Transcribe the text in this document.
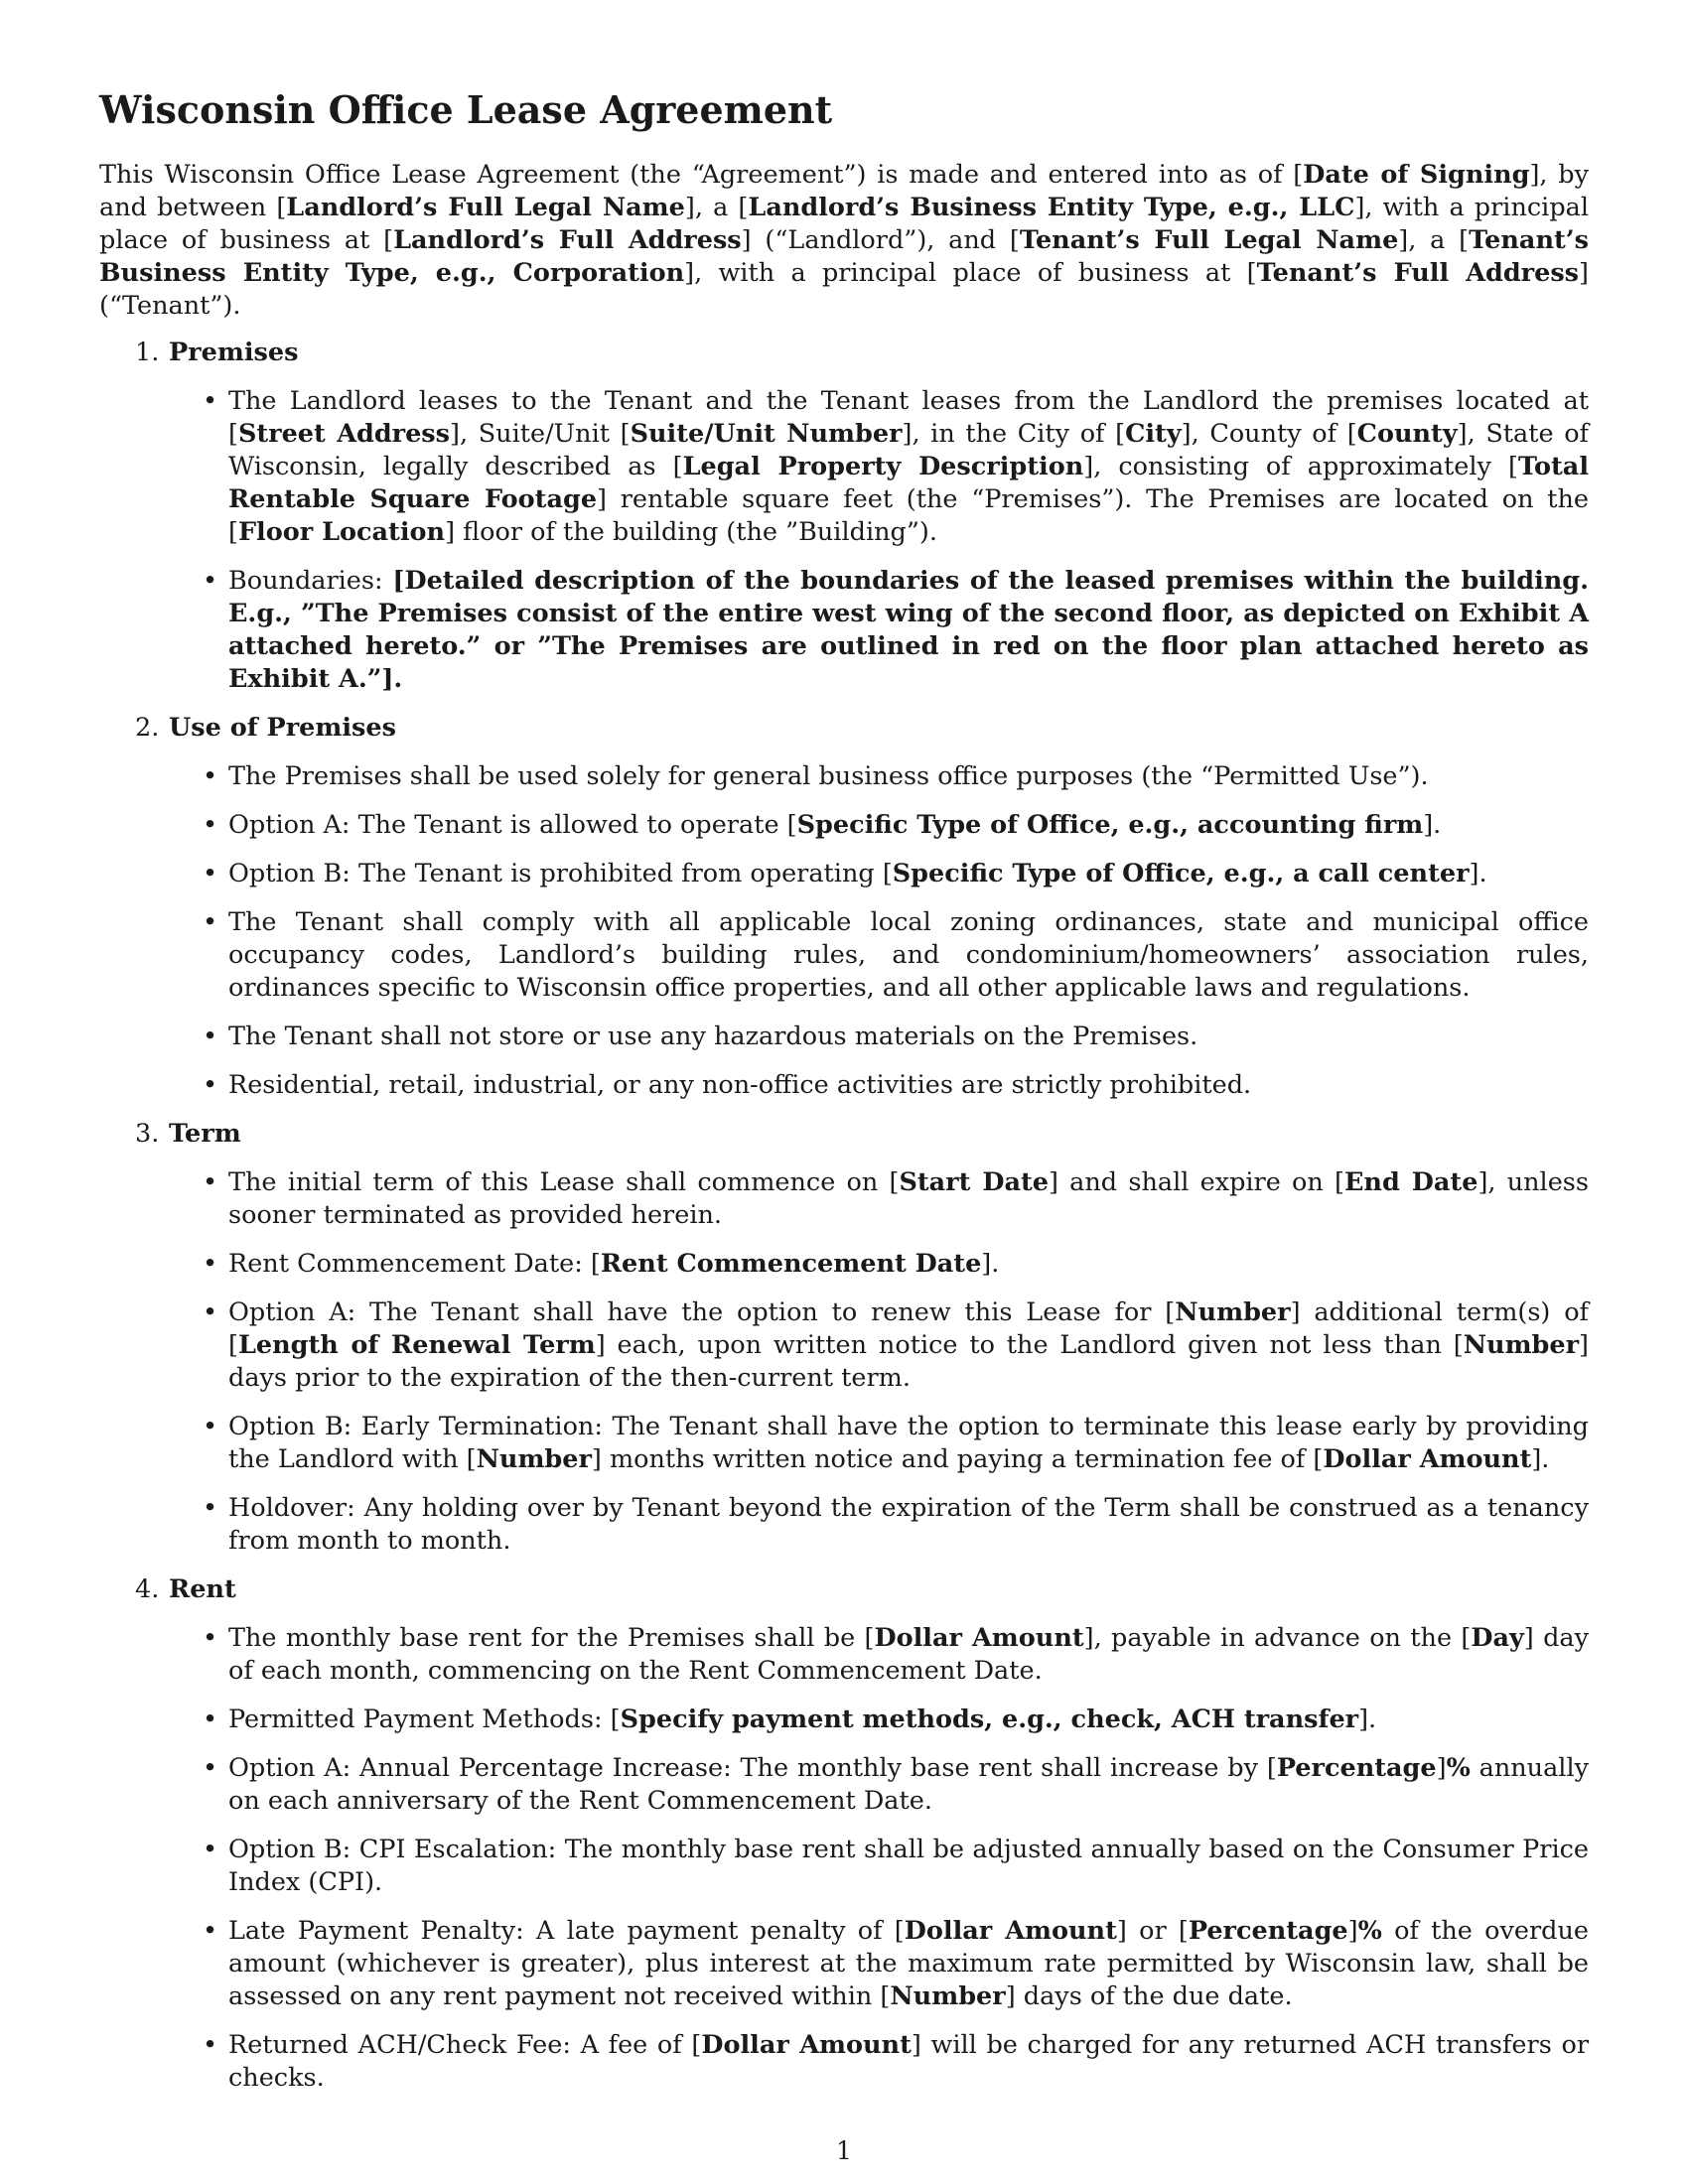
Wisconsin Office Lease Agreement

This Wisconsin Office Lease Agreement (the “Agreement”) is made and entered into as of [Date of Signing], by and between [Landlord’s Full Legal Name], a [Landlord’s Business Entity Type, e.g., LLC], with a principal place of business at [Landlord’s Full Address] (“Landlord”), and [Tenant’s Full Legal Name], a [Tenant’s Business Entity Type, e.g., Corporation], with a principal place of business at [Tenant’s Full Address] (“Tenant”).

1. Premises
• The Landlord leases to the Tenant and the Tenant leases from the Landlord the premises located at [Street Address], Suite/Unit [Suite/Unit Number], in the City of [City], County of [County], State of Wisconsin, legally described as [Legal Property Description], consisting of approximately [Total Rentable Square Footage] rentable square feet (the “Premises”). The Premises are located on the [Floor Location] floor of the building (the ”Building”).
• Boundaries: [Detailed description of the boundaries of the leased premises within the building. E.g., ”The Premises consist of the entire west wing of the second floor, as depicted on Exhibit A attached hereto.” or ”The Premises are outlined in red on the floor plan attached hereto as Exhibit A.”].
2. Use of Premises
• The Premises shall be used solely for general business office purposes (the “Permitted Use”).
• Option A: The Tenant is allowed to operate [Specific Type of Office, e.g., accounting firm].
• Option B: The Tenant is prohibited from operating [Specific Type of Office, e.g., a call center].
• The Tenant shall comply with all applicable local zoning ordinances, state and municipal office occupancy codes, Landlord’s building rules, and condominium/homeowners’ association rules, ordinances specific to Wisconsin office properties, and all other applicable laws and regulations.
• The Tenant shall not store or use any hazardous materials on the Premises.
• Residential, retail, industrial, or any non-office activities are strictly prohibited.
3. Term
• The initial term of this Lease shall commence on [Start Date] and shall expire on [End Date], unless sooner terminated as provided herein.
• Rent Commencement Date: [Rent Commencement Date].
• Option A: The Tenant shall have the option to renew this Lease for [Number] additional term(s) of [Length of Renewal Term] each, upon written notice to the Landlord given not less than [Number] days prior to the expiration of the then-current term.
• Option B: Early Termination: The Tenant shall have the option to terminate this lease early by providing the Landlord with [Number] months written notice and paying a termination fee of [Dollar Amount].
• Holdover: Any holding over by Tenant beyond the expiration of the Term shall be construed as a tenancy from month to month.
4. Rent
• The monthly base rent for the Premises shall be [Dollar Amount], payable in advance on the [Day] day of each month, commencing on the Rent Commencement Date.
• Permitted Payment Methods: [Specify payment methods, e.g., check, ACH transfer].
• Option A: Annual Percentage Increase: The monthly base rent shall increase by [Percentage]% annually on each anniversary of the Rent Commencement Date.
• Option B: CPI Escalation: The monthly base rent shall be adjusted annually based on the Consumer Price Index (CPI).
• Late Payment Penalty: A late payment penalty of [Dollar Amount] or [Percentage]% of the overdue amount (whichever is greater), plus interest at the maximum rate permitted by Wisconsin law, shall be assessed on any rent payment not received within [Number] days of the due date.
• Returned ACH/Check Fee: A fee of [Dollar Amount] will be charged for any returned ACH transfers or checks.
1
